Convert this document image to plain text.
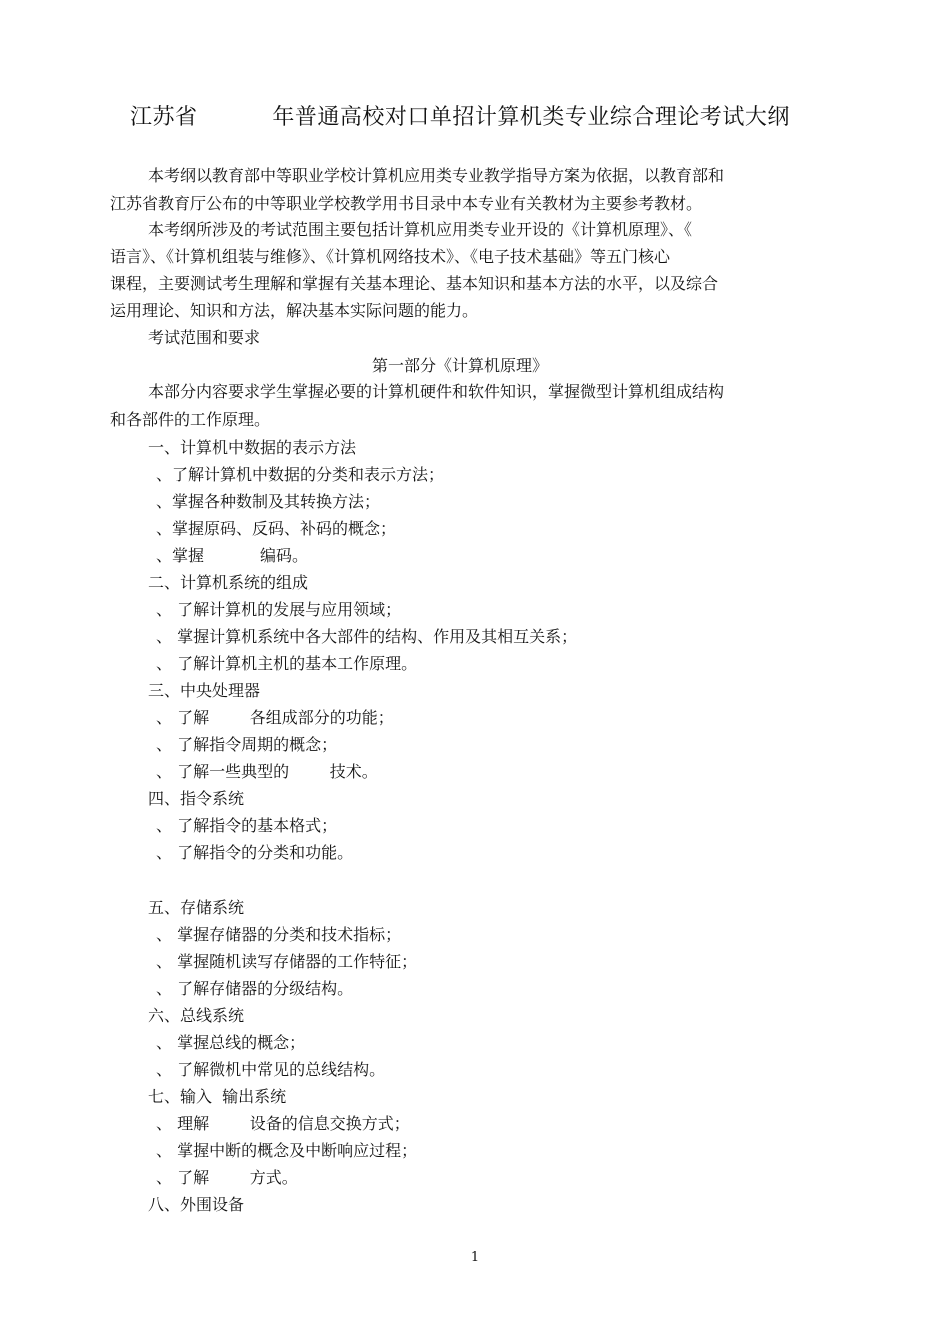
江苏省          年普通高校对口单招计算机类专业综合理论考试大纲
本考纲以教育部中等职业学校计算机应用类专业教学指导方案为依据，以教育部和
江苏省教育厅公布的中等职业学校教学用书目录中本专业有关教材为主要参考教材。
本考纲所涉及的考试范围主要包括计算机应用类专业开设的《计算机原理》、《
语言》、《计算机组装与维修》、《计算机网络技术》、《电子技术基础》等五门核心
课程，主要测试考生理解和掌握有关基本理论、基本知识和基本方法的水平，以及综合
运用理论、知识和方法，解决基本实际问题的能力。
考试范围和要求
第一部分《计算机原理》
本部分内容要求学生掌握必要的计算机硬件和软件知识，掌握微型计算机组成结构
和各部件的工作原理。
一、计算机中数据的表示方法
、了解计算机中数据的分类和表示方法；
、掌握各种数制及其转换方法；
、掌握原码、反码、补码的概念；
、掌握           编码。
二、计算机系统的组成
、 了解计算机的发展与应用领域；
、 掌握计算机系统中各大部件的结构、作用及其相互关系；
、 了解计算机主机的基本工作原理。
三、中央处理器
、 了解        各组成部分的功能；
、 了解指令周期的概念；
、 了解一些典型的        技术。
四、指令系统
、 了解指令的基本格式；
、 了解指令的分类和功能。
五、存储系统
、 掌握存储器的分类和技术指标；
、 掌握随机读写存储器的工作特征；
、 了解存储器的分级结构。
六、总线系统
、 掌握总线的概念；
、 了解微机中常见的总线结构。
七、输入  输出系统
、 理解        设备的信息交换方式；
、 掌握中断的概念及中断响应过程；
、 了解        方式。
八、外围设备
1
